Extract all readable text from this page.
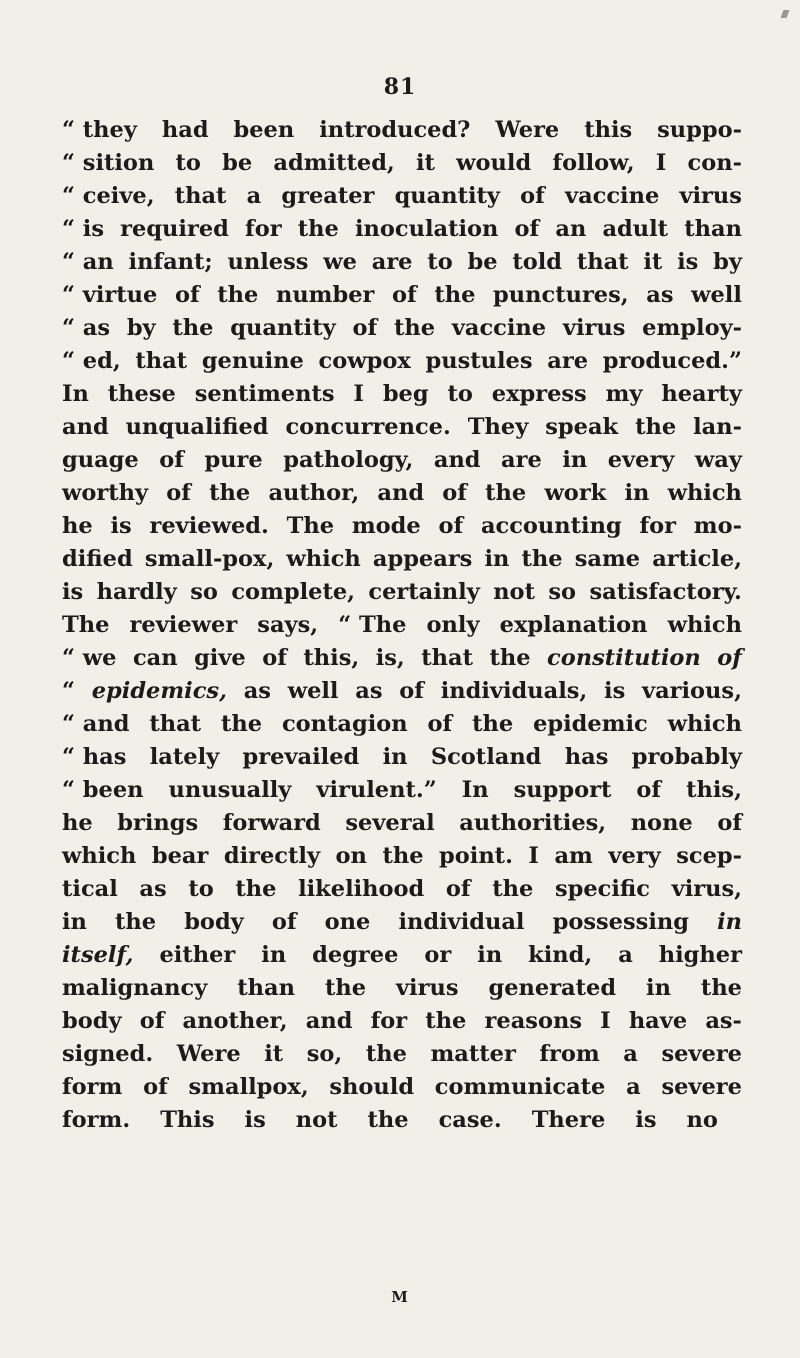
81
“ they had been introduced? Were this suppo-
“ sition to be admitted, it would follow, I con-
“ ceive, that a greater quantity of vaccine virus
“ is required for the inoculation of an adult than
“ an infant; unless we are to be told that it is by
“ virtue of the number of the punctures, as well
“ as by the quantity of the vaccine virus employ-
“ ed, that genuine cowpox pustules are produced.”
In these sentiments I beg to express my hearty
and unqualified concurrence. They speak the lan-
guage of pure pathology, and are in every way
worthy of the author, and of the work in which
he is reviewed. The mode of accounting for mo-
dified small-pox, which appears in the same article,
is hardly so complete, certainly not so satisfactory.
The reviewer says, “ The only explanation which
“ we can give of this, is, that the constitution of
“ epidemics, as well as of individuals, is various,
“ and that the contagion of the epidemic which
“ has lately prevailed in Scotland has probably
“ been unusually virulent.” In support of this,
he brings forward several authorities, none of
which bear directly on the point. I am very scep-
tical as to the likelihood of the specific virus,
in the body of one individual possessing in
itself, either in degree or in kind, a higher
malignancy than the virus generated in the
body of another, and for the reasons I have as-
signed. Were it so, the matter from a severe
form of smallpox, should communicate a severe
form. This is not the case. There is no
M
